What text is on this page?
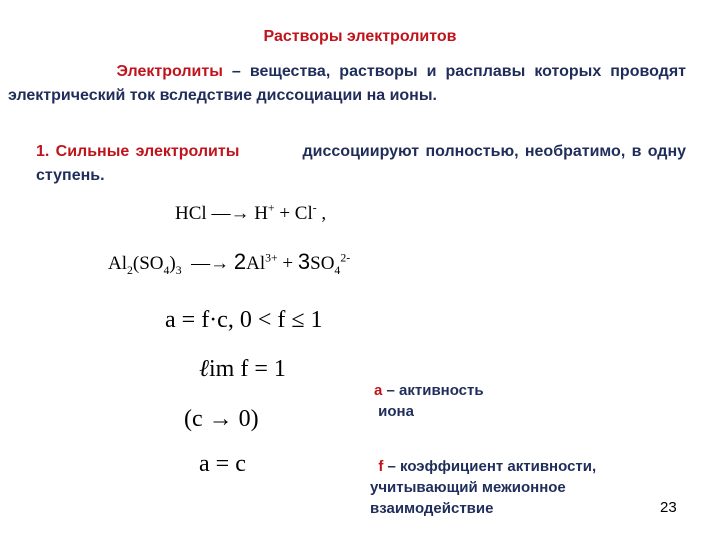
Растворы электролитов
Электролиты – вещества, растворы и расплавы которых проводят электрический ток вследствие диссоциации на ионы.
1. Сильные электролиты	диссоциируют полностью, необратимо, в одну ступень.
HCl —→ H+ + Cl- ,
$Al_2(SO_4)_3$ —→ $2Al^{3+} + 3SO_4^{2-}$
a = f·c, 0 < f ≤ 1
ℓim f = 1
(c → 0)
a = c
a – активность
иона
f – коэффициент активности,
учитывающий межионное
взаимодействие	23
